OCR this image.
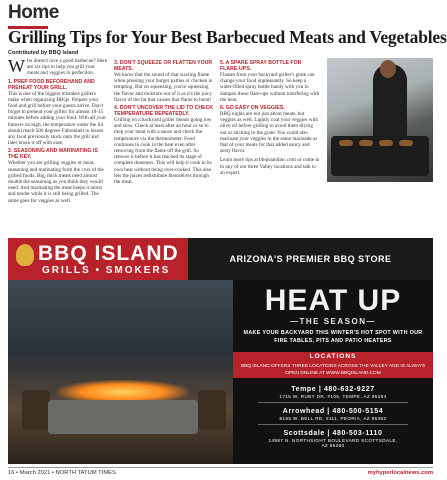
Home
Grilling Tips for Your Best Barbecued Meats and Vegetables
Contributed by BBQ Island

Who doesn't love a good barbecue? Here are six tips to help you grill your meats and veggies to perfection.

1. PREP FOOD BEFOREHAND AND PREHEAT YOUR GRILL.

This is one of the biggest mistakes grillers make when organizing BBQs. Prepare your food and grill before your guests arrive. Don't forget to preheat your grillor for almost 10-15 minutes before adding your food. With all your burners on high, the temperature under the lid should reach 500 degrees Fahrenheit to lessen any food previously stuck onto the grill and later brush it off with ease.

2. SEASONING AND MARINATING IS THE KEY.

Whether you are grilling veggies or meat, seasoning and marinating form the crux of the grilled foods. Big, thick meats need almost double the seasoning as you think they would need. And marinating the meat keeps it moist and tender while it is still being grilled. The same goes for veggies as well.

3. DON'T SQUEEZE OR FLATTEN YOUR MEATS.

We know that the sound of that sizzling flame when pressing your burger patties or chicken is tempting. But on squeezing, you're squeezing the flavor and moisture out of it as it's the juicy flavor of the fat that causes that flame to burst!

4. DON'T UNCOVER THE LID TO CHECK TEMPERATURE REPEATEDLY.

Grilling on a backyard griller means going low and slow. Check at least after an hour or so to mop your meat with a sauce and check the temperature via the thermometer. Food continues to cook in the heat even after removing from the flame off the grill. So remove it before it has reached its stage of complete doneness. This will help it cook in its own heat without being over-cooked. This also lets the juices redistribute themselves through the meat.

5. A SPARE SPRAY BOTTLE FOR FLARE-UPS.

Flames from your backyard griller's grate can change your food unpleasantly. So keep a water-filled spray bottle handy with you to dampen those flare-ups without interfering with the heat.

6. GO EASY ON VEGGIES.

BBQ nights are not just about meats, but veggies as well. Lightly coat your veggies with olive oil before grilling to avoid them drying out or sticking to the grate. You could also marinate your veggies in the same marinade as that of your meats for that added saucy and zesty flavor.

Learn more tips at bbqislandinc.com or come in to any of our three Valley locations and talk to an expert.

BBQ ISLAND
GRILLS • SMOKERS
ARIZONA'S PREMIER BBQ STORE
HEAT UP
—THE SEASON—
MAKE YOUR BACKYARD THIS WINTER'S HOT SPOT WITH OUR FIRE TABLES, PITS AND PATIO HEATERS
LOCATIONS
BBQ ISLAND OFFERS THREE LOCATIONS ACROSS THE VALLEY AND IS ALWAYS OPEN ONLINE AT WWW.BBQISLAND.COM
Tempe | 480-632-9227
1715 W. RUBY DR, #105, TEMPE, AZ 85284
Arrowhead | 480-500-5154
8155 W. BELL RD, #111, PEORIA, AZ 85382
Scottsdale | 480-503-1110
14987 N. NORTHSIGHT BOULEVARD SCOTTSDALE, AZ 85260
16 • March 2021 • NORTH TATUM TIMES	myhyperlocalnews.com
